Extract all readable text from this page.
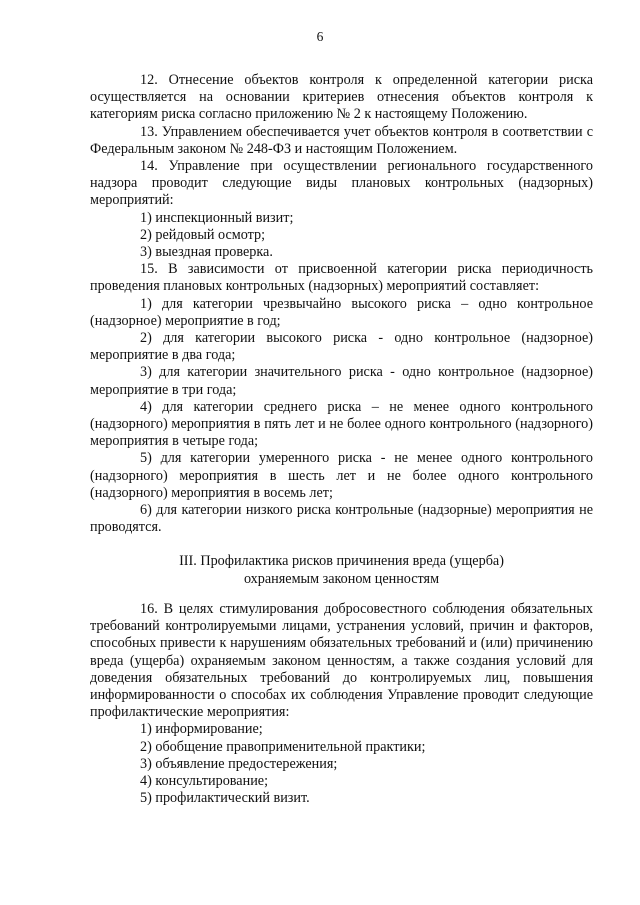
6

12. Отнесение объектов контроля к определенной категории риска осуществляется на основании критериев отнесения объектов контроля к категориям риска согласно приложению № 2 к настоящему Положению.

13. Управлением обеспечивается учет объектов контроля в соответствии с Федеральным законом № 248-ФЗ и настоящим Положением.

14. Управление при осуществлении регионального государственного надзора проводит следующие виды плановых контрольных (надзорных) мероприятий:

1) инспекционный визит;

2) рейдовый осмотр;

3) выездная проверка.

15. В зависимости от присвоенной категории риска периодичность проведения плановых контрольных (надзорных) мероприятий составляет:

1) для категории чрезвычайно высокого риска – одно контрольное (надзорное) мероприятие в год;

2) для категории высокого риска - одно контрольное (надзорное) мероприятие в два года;

3) для категории значительного риска - одно контрольное (надзорное) мероприятие в три года;

4) для категории среднего риска – не менее одного контрольного (надзорного) мероприятия в пять лет и не более одного контрольного (надзорного) мероприятия в четыре года;

5) для категории умеренного риска - не менее одного контрольного (надзорного) мероприятия в шесть лет и не более одного контрольного (надзорного) мероприятия в восемь лет;

6) для категории низкого риска контрольные (надзорные) мероприятия не проводятся.

III. Профилактика рисков причинения вреда (ущерба)
охраняемым законом ценностям

16. В целях стимулирования добросовестного соблюдения обязательных требований контролируемыми лицами, устранения условий, причин и факторов, способных привести к нарушениям обязательных требований и (или) причинению вреда (ущерба) охраняемым законом ценностям, а также создания условий для доведения обязательных требований до контролируемых лиц, повышения информированности о способах их соблюдения Управление проводит следующие профилактические мероприятия:

1) информирование;

2) обобщение правоприменительной практики;

3) объявление предостережения;

4) консультирование;

5) профилактический визит.
